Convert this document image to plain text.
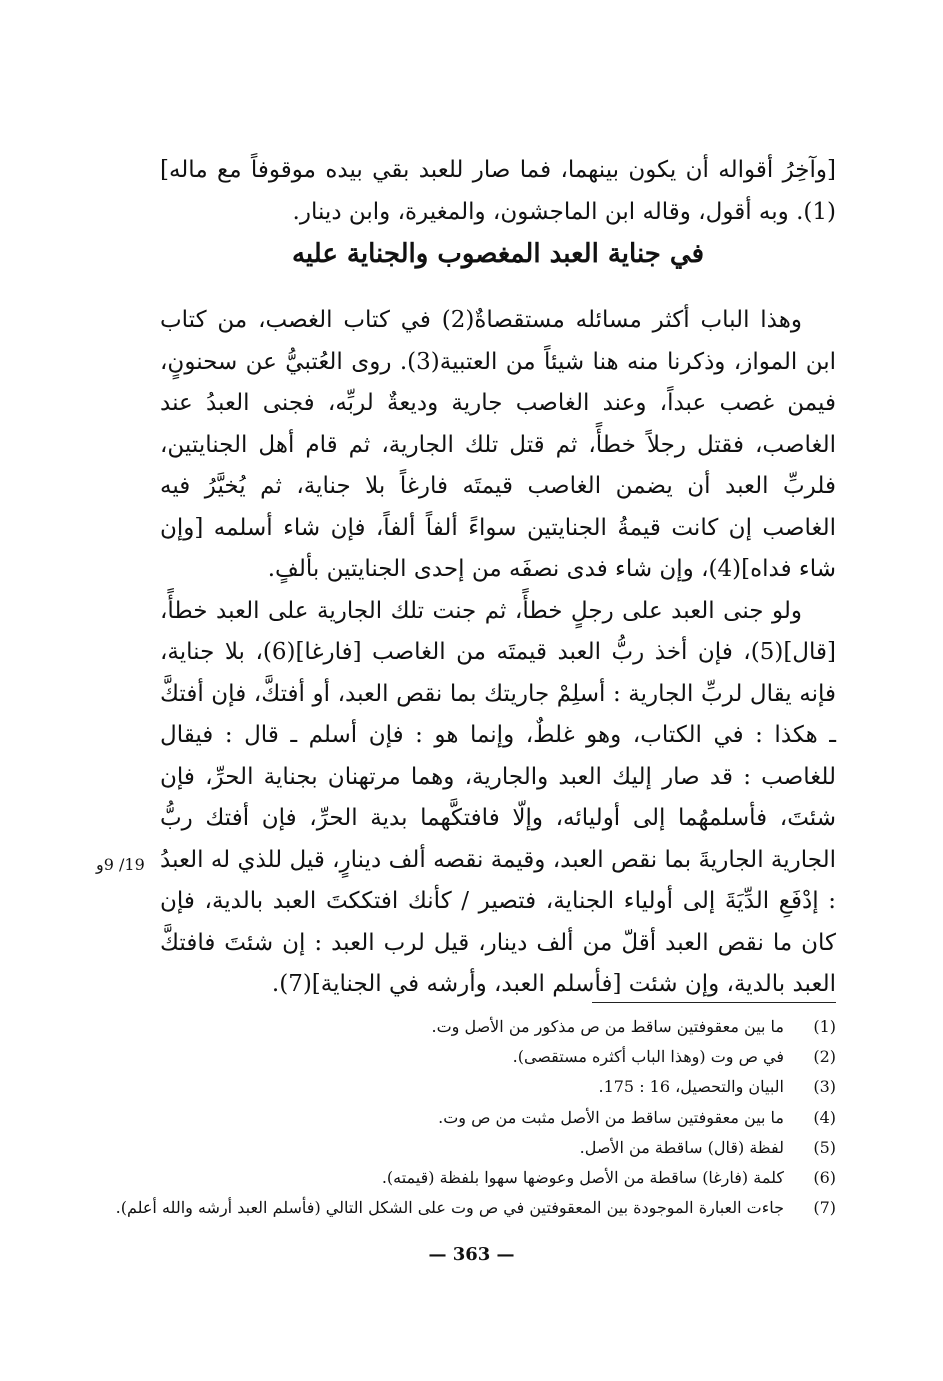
[وآخِرُ أقواله أن يكون بينهما، فما صار للعبد بقي بيده موقوفاً مع ماله](1). وبه أقول، وقاله ابن الماجشون، والمغيرة، وابن دينار.

في جناية العبد المغصوب والجناية عليه

وهذا الباب أكثر مسائله مستقصاةٌ(2) في كتاب الغصب، من كتاب ابن المواز، وذكرنا منه هنا شيئاً من العتبية(3). روى العُتبيُّ عن سحنونٍ، فيمن غصب عبداً، وعند الغاصب جارية وديعةٌ لربِّه، فجنى العبدُ عند الغاصب، فقتل رجلاً خطأً، ثم قتل تلك الجارية، ثم قام أهل الجنايتين، فلربِّ العبد أن يضمن الغاصب قيمتَه فارغاً بلا جناية، ثم يُخيَّرُ فيه الغاصب إن كانت قيمةُ الجنايتين سواءً ألفاً ألفاً، فإن شاء أسلمه [وإن شاء فداه](4)، وإن شاء فدى نصفَه من إحدى الجنايتين بألفٍ.

ولو جنى العبد على رجلٍ خطأً، ثم جنت تلك الجارية على العبد خطأً، [قال](5)، فإن أخذ ربُّ العبد قيمتَه من الغاصب [فارغا](6)، بلا جناية، فإنه يقال لربِّ الجارية : أسلِمْ جاريتك بما نقص العبد، أو أفتكَّ، فإن أفتكَّ ـ هكذا : في الكتاب، وهو غلطٌ، وإنما هو : فإن أسلم ـ قال : فيقال للغاصب : قد صار إليك العبد والجارية، وهما مرتهنان بجناية الحرِّ، فإن شئتَ، فأسلمهُما إلى أوليائه، وإلّا فافتكَّهما بدية الحرِّ، فإن أفتك ربُّ الجارية الجاريةَ بما نقص العبد، وقيمة نقصه ألف دينارٍ، قيل للذي له العبدُ : إدْفَعِ الدِّيَةَ إلى أولياء الجناية، فتصير / كأنك افتككتَ العبد بالدية، فإن كان ما نقص العبد أقلّ من ألف دينار، قيل لرب العبد : إن شئتَ فافتكَّ العبد بالدية، وإن شئت [فأسلم العبد، وأرشه في الجناية](7).

19/ 9و
(1)
ما بين معقوفتين ساقط من ص مذكور من الأصل وت.
(2)
في ص وت (وهذا الباب أكثره مستقصى).
(3)
البيان والتحصيل، 16 : 175.
(4)
ما بين معقوفتين ساقط من الأصل مثبت من ص وت.
(5)
لفظة (قال) ساقطة من الأصل.
(6)
كلمة (فارغا) ساقطة من الأصل وعوضها سهوا بلفظة (قيمته).
(7)
جاءت العبارة الموجودة بين المعقوفتين في ص وت على الشكل التالي (فأسلم العبد أرشه والله أعلم).
— 363 —
